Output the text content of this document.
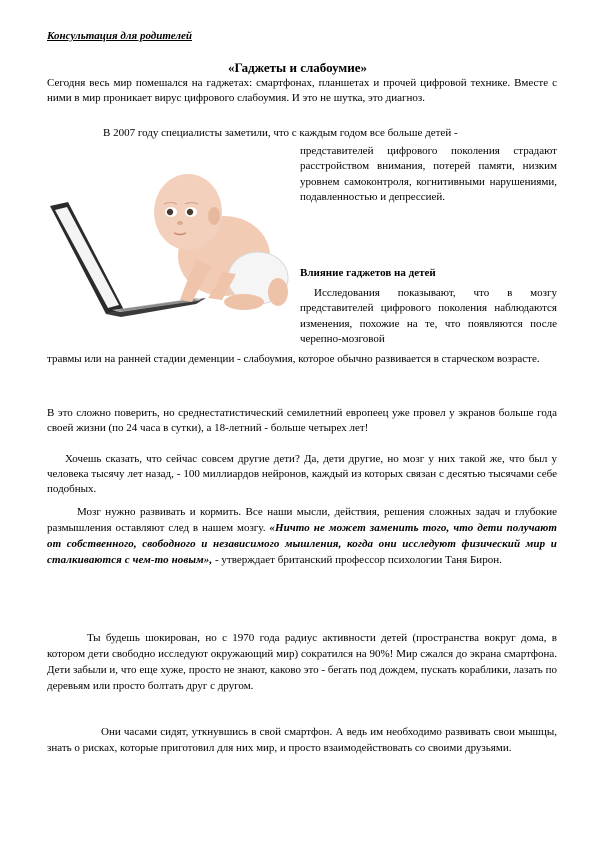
Консультация для родителей
«Гаджеты и слабоумие»
Сегодня весь мир помешался на гаджетах: смартфонах, планшетах и прочей цифровой технике. Вместе с ними в мир проникает вирус цифрового слабоумия. И это не шутка, это диагноз.
В 2007 году специалисты заметили, что с каждым годом все больше детей -
представителей цифрового поколения страдают расстройством внимания, потерей памяти, низким уровнем самоконтроля, когнитивными нарушениями, подавленностью и депрессией.
Влияние гаджетов на детей
Исследования показывают, что в мозгу представителей цифрового поколения наблюдаются изменения, похожие на те, что появляются после черепно-мозговой
травмы или на ранней стадии деменции - слабоумия, которое обычно развивается в старческом возрасте.
В это сложно поверить, но среднестатистический семилетний европеец уже провел у экранов больше года своей жизни (по 24 часа в сутки), а 18-летний - больше четырех лет!
Хочешь сказать, что сейчас совсем другие дети? Да, дети другие, но мозг у них такой же, что был у человека тысячу лет назад, - 100 миллиардов нейронов, каждый из которых связан с десятью тысячами себе подобных.
Мозг нужно развивать и кормить. Все наши мысли, действия, решения сложных задач и глубокие размышления оставляют след в нашем мозгу. «Ничто не может заменить того, что дети получают от собственного, свободного и независимого мышления, когда они исследуют физический мир и сталкиваются с чем-то новым», - утверждает британский профессор психологии Таня Бирон.
Ты будешь шокирован, но с 1970 года радиус активности детей (пространства вокруг дома, в котором дети свободно исследуют окружающий мир) сократился на 90%! Мир сжался до экрана смартфона. Дети забыли и, что еще хуже, просто не знают, каково это - бегать под дождем, пускать кораблики, лазать по деревьям или просто болтать друг с другом.
Они часами сидят, уткнувшись в свой смартфон. А ведь им необходимо развивать свои мышцы, знать о рисках, которые приготовил для них мир, и просто взаимодействовать со своими друзьями.
